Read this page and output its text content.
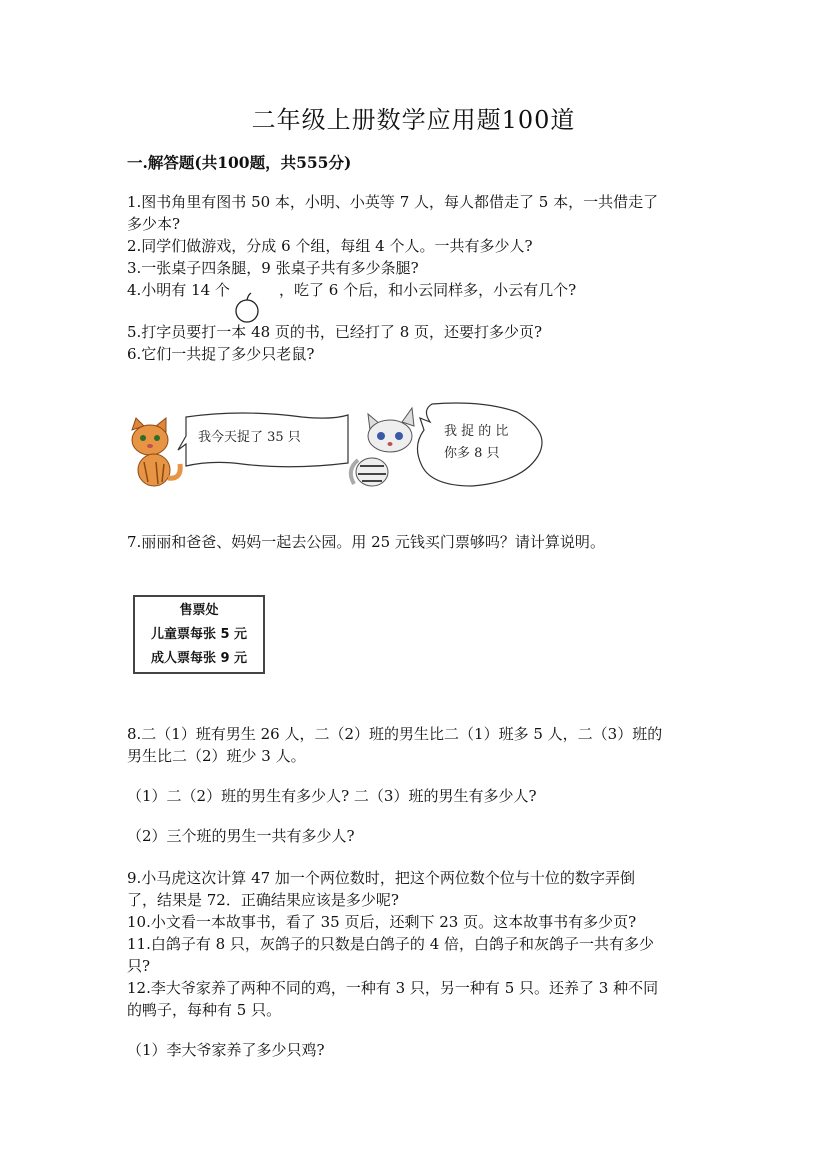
二年级上册数学应用题100道
一.解答题(共100题，共555分)
1.图书角里有图书 50 本，小明、小英等 7 人，每人都借走了 5 本，一共借走了
多少本?
2.同学们做游戏，分成 6 个组，每组 4 个人。一共有多少人?
3.一张桌子四条腿，9 张桌子共有多少条腿?
4.小明有 14 个	，吃了 6 个后，和小云同样多，小云有几个?
5.打字员要打一本 48 页的书，已经打了 8 页，还要打多少页?
6.它们一共捉了多少只老鼠?
我今天捉了 35 只	我 捉 的 比
你多 8 只
7.丽丽和爸爸、妈妈一起去公园。用 25 元钱买门票够吗？请计算说明。
售票处
儿童票每张 5 元
成人票每张 9 元
8.二（1）班有男生 26 人，二（2）班的男生比二（1）班多 5 人，二（3）班的
男生比二（2）班少 3 人。
（1）二（2）班的男生有多少人? 二（3）班的男生有多少人?
（2）三个班的男生一共有多少人?
9.小马虎这次计算 47 加一个两位数时，把这个两位数个位与十位的数字弄倒
了，结果是 72．正确结果应该是多少呢?
10.小文看一本故事书，看了 35 页后，还剩下 23 页。这本故事书有多少页?
11.白鸽子有 8 只，灰鸽子的只数是白鸽子的 4 倍，白鸽子和灰鸽子一共有多少
只?
12.李大爷家养了两种不同的鸡，一种有 3 只，另一种有 5 只。还养了 3 种不同
的鸭子，每种有 5 只。
（1）李大爷家养了多少只鸡?
